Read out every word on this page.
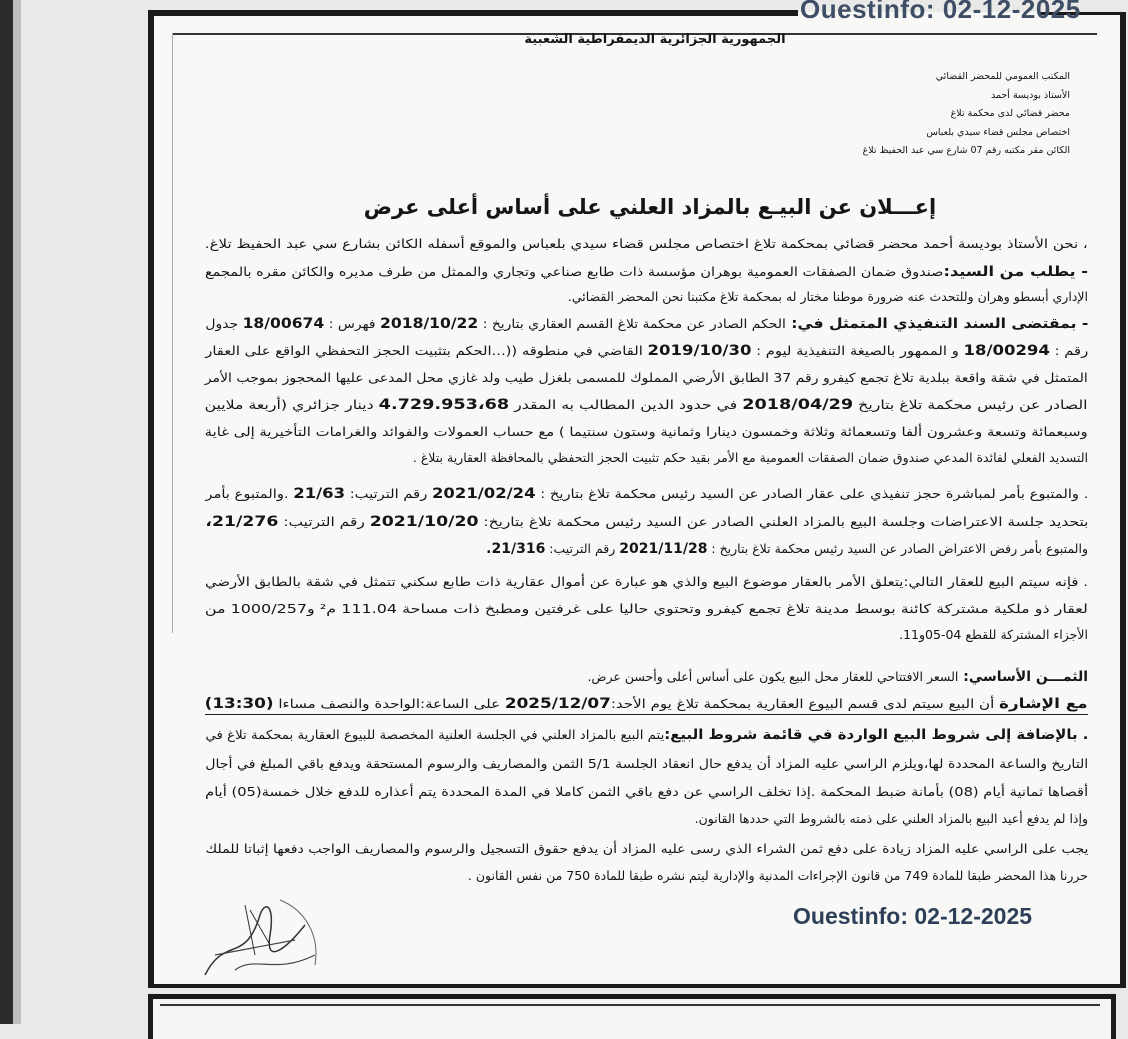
Ouestinfo: 02-12-2025
الجمهورية الجزائرية الديمقراطية الشعبية
المكتب العمومي للمحضر القضائي
الأستاذ بوديسة أحمد
محضر قضائي لدى محكمة تلاغ
اختصاص مجلس قضاء سيدي بلعباس
الكائن مقر مكتبه رقم 07 شارع سي عبد الحفيظ تلاغ
إعـــلان عن البيـع بالمزاد العلني على أساس أعلى عرض
، نحن الأستاذ بوديسة أحمد محضر قضائي بمحكمة تلاغ اختصاص مجلس قضاء سيدي بلعباس والموقع أسفله الكائن بشارع سي عبد الحفيظ تلاغ.
- يطلب من السيد:صندوق ضمان الصفقات العمومية بوهران مؤسسة ذات طابع صناعي وتجاري والممثل من طرف مديره والكائن مقره بالمجمع
الإداري أبسطو وهران وللتحدث عنه ضرورة موطنا مختار له بمحكمة تلاغ مكتبنا نحن المحضر القضائي.
- بمقتضى السند التنفيذي المتمثل في: الحكم الصادر عن محكمة تلاغ القسم العقاري بتاريخ : 2018/10/22 فهرس : 18/00674 جدول
رقم : 18/00294 و الممهور بالصيغة التنفيذية ليوم : 2019/10/30 القاضي في منطوقه ((...الحكم بتثبيت الحجز التحفظي الواقع على العقار
المتمثل في شقة واقعة ببلدية تلاغ تجمع كيفرو رقم 37 الطابق الأرضي المملوك للمسمى بلغزل طيب ولد غازي محل المدعى عليها المحجوز بموجب الأمر
الصادر عن رئيس محكمة تلاغ بتاريخ 2018/04/29 في حدود الدين المطالب به المقدر 4.729.953،68 دينار جزائري (أربعة ملايين
وسبعمائة وتسعة وعشرون ألفا وتسعمائة وثلاثة وخمسون دينارا وثمانية وستون سنتيما ) مع حساب العمولات والفوائد والغرامات التأخيرية إلى غاية
التسديد الفعلي لفائدة المدعي صندوق ضمان الصفقات العمومية مع الأمر بقيد حكم تثبيت الحجز التحفظي بالمحافظة العقارية بتلاغ .
. والمتبوع بأمر لمباشرة حجز تنفيذي على عقار الصادر عن السيد رئيس محكمة تلاغ بتاريخ : 2021/02/24 رقم الترتيب: 21/63 .والمتبوع بأمر
بتحديد جلسة الاعتراضات وجلسة البيع بالمزاد العلني الصادر عن السيد رئيس محكمة تلاغ بتاريخ: 2021/10/20 رقم الترتيب: 21/276،
والمتبوع بأمر رفض الاعتراض الصادر عن السيد رئيس محكمة تلاغ بتاريخ : 2021/11/28 رقم الترتيب: 21/316.
. فإنه سيتم البيع للعقار التالي:يتعلق الأمر بالعقار موضوع البيع والذي هو عبارة عن أموال عقارية ذات طابع سكني تتمثل في شقة بالطابق الأرضي
لعقار ذو ملكية مشتركة كائنة بوسط مدينة تلاغ تجمع كيفرو وتحتوي حاليا على غرفتين ومطبخ ذات مساحة 111.04 م² و1000/257 من
الأجزاء المشتركة للقطع 04-05و11.
الثمـــن الأساسي: السعر الافتتاحي للعقار محل البيع يكون على أساس أعلى وأحسن عرض.
مع الإشارة أن البيع سيتم لدى قسم البيوع العقارية بمحكمة تلاغ يوم الأحد:2025/12/07 على الساعة:الواحدة والنصف مساءا (13:30)
. بالإضافة إلى شروط البيع الواردة في قائمة شروط البيع:يتم البيع بالمزاد العلني في الجلسة العلنية المخصصة للبيوع العقارية بمحكمة تلاغ في
التاريخ والساعة المحددة لها،ويلزم الراسي عليه المزاد أن يدفع حال انعقاد الجلسة 5/1 الثمن والمصاريف والرسوم المستحقة ويدفع باقي المبلغ في أجال
أقصاها ثمانية أيام (08) بأمانة ضبط المحكمة .إذا تخلف الراسي عن دفع باقي الثمن كاملا في المدة المحددة يتم أعذاره للدفع خلال خمسة(05) أيام
وإذا لم يدفع أعيد البيع بالمزاد العلني على ذمته بالشروط التي حددها القانون.
يجب على الراسي عليه المزاد زيادة على دفع ثمن الشراء الذي رسى عليه المزاد أن يدفع حقوق التسجيل والرسوم والمصاريف الواجب دفعها إثباتا للملك
حررنا هذا المحضر طبقا للمادة 749 من قانون الإجراءات المدنية والإدارية ليتم نشره طبقا للمادة 750 من نفس القانون .
Ouestinfo: 02-12-2025
